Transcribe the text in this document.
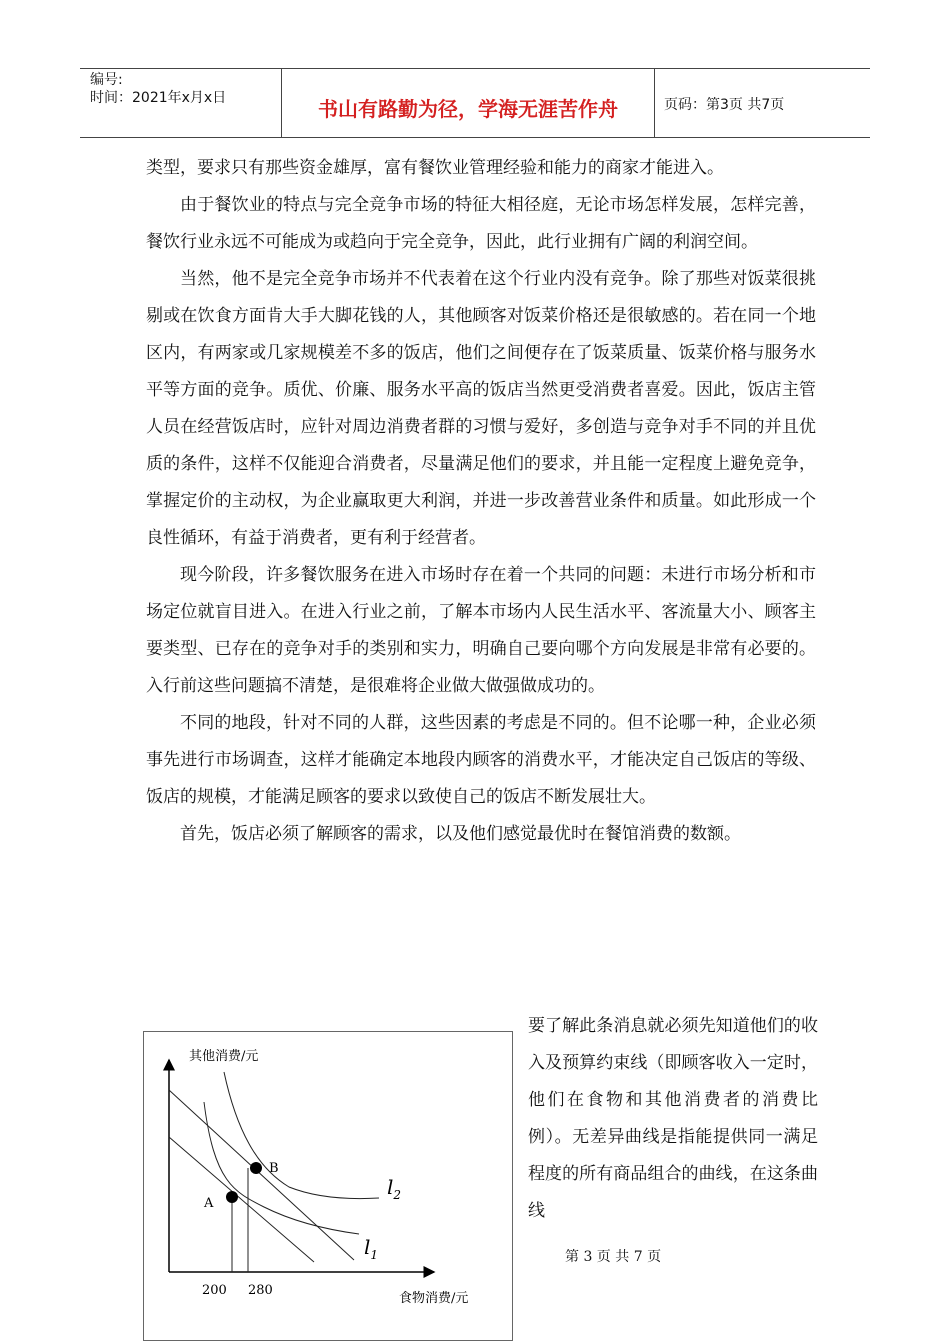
编号:
时间：2021年x月x日	书山有路勤为径，学海无涯苦作舟	页码：第3页 共7页

类型，要求只有那些资金雄厚，富有餐饮业管理经验和能力的商家才能进入。

由于餐饮业的特点与完全竞争市场的特征大相径庭，无论市场怎样发展，怎样完善，餐饮行业永远不可能成为或趋向于完全竞争，因此，此行业拥有广阔的利润空间。

当然，他不是完全竞争市场并不代表着在这个行业内没有竞争。除了那些对饭菜很挑剔或在饮食方面肯大手大脚花钱的人，其他顾客对饭菜价格还是很敏感的。若在同一个地区内，有两家或几家规模差不多的饭店，他们之间便存在了饭菜质量、饭菜价格与服务水平等方面的竞争。质优、价廉、服务水平高的饭店当然更受消费者喜爱。因此，饭店主管人员在经营饭店时，应针对周边消费者群的习惯与爱好，多创造与竞争对手不同的并且优质的条件，这样不仅能迎合消费者，尽量满足他们的要求，并且能一定程度上避免竞争，掌握定价的主动权，为企业赢取更大利润，并进一步改善营业条件和质量。如此形成一个良性循环，有益于消费者，更有利于经营者。

现今阶段，许多餐饮服务在进入市场时存在着一个共同的问题：未进行市场分析和市场定位就盲目进入。在进入行业之前，了解本市场内人民生活水平、客流量大小、顾客主要类型、已存在的竞争对手的类别和实力，明确自己要向哪个方向发展是非常有必要的。入行前这些问题搞不清楚，是很难将企业做大做强做成功的。

不同的地段，针对不同的人群，这些因素的考虑是不同的。但不论哪一种，企业必须事先进行市场调查，这样才能确定本地段内顾客的消费水平，才能决定自己饭店的等级、饭店的规模，才能满足顾客的要求以致使自己的饭店不断发展壮大。

首先，饭店必须了解顾客的需求，以及他们感觉最优时在餐馆消费的数额。

要了解此条消息就必须先知道他们的收入及预算约束线（即顾客收入一定时，他们在食物和其他消费者的消费比例）。无差异曲线是指能提供同一满足程度的所有商品组合的曲线，在这条曲线
其他消费/元
食物消费/元
A
B
$l_2$
$l_1$
200 280
第 3 页 共 7 页
